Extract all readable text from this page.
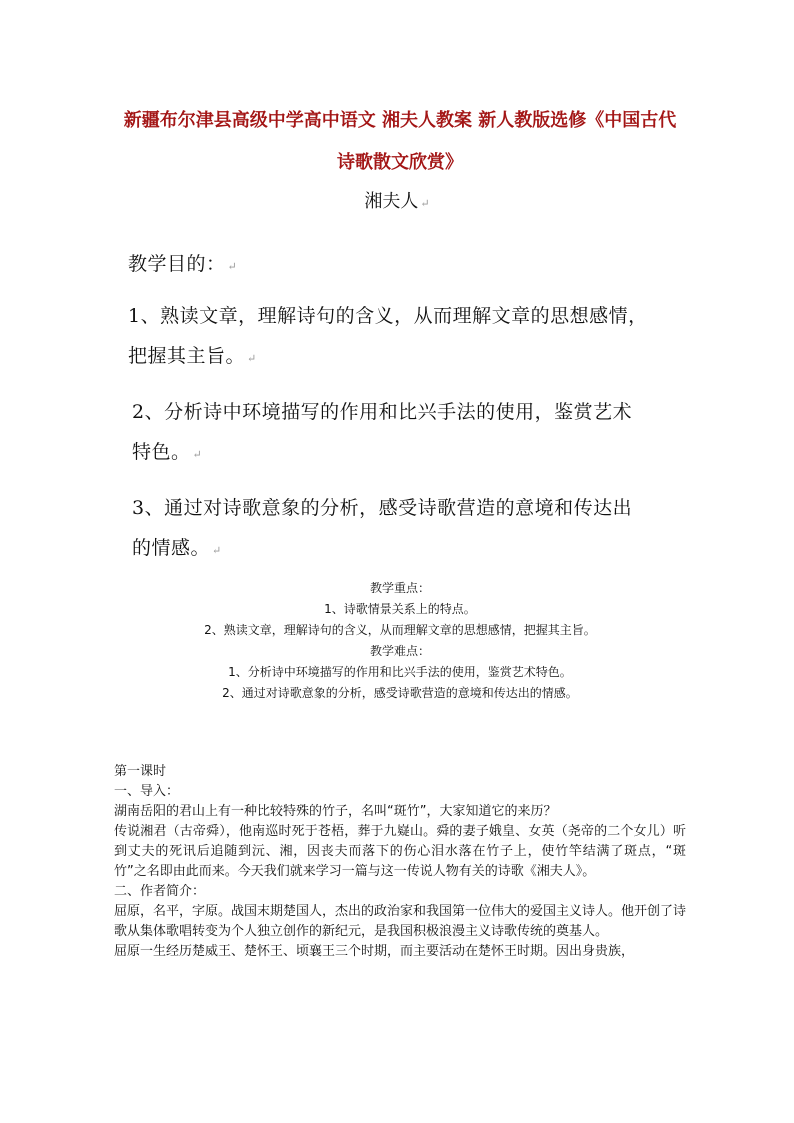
新疆布尔津县高级中学高中语文 湘夫人教案 新人教版选修《中国古代
诗歌散文欣赏》
湘夫人 ↵
教学目的： ↵
1、熟读文章，理解诗句的含义，从而理解文章的思想感情，
把握其主旨。 ↵
2、分析诗中环境描写的作用和比兴手法的使用，鉴赏艺术
特色。 ↵
3、通过对诗歌意象的分析，感受诗歌营造的意境和传达出
的情感。 ↵
教学重点：
1、诗歌情景关系上的特点。
2、熟读文章，理解诗句的含义，从而理解文章的思想感情，把握其主旨。
教学难点：
1、分析诗中环境描写的作用和比兴手法的使用，鉴赏艺术特色。
2、通过对诗歌意象的分析，感受诗歌营造的意境和传达出的情感。

第一课时

一、导入：

湖南岳阳的君山上有一种比较特殊的竹子，名叫“斑竹”，大家知道它的来历？

传说湘君（古帝舜），他南巡时死于苍梧，葬于九嶷山。舜的妻子娥皇、女英（尧帝的二个女儿）听到丈夫的死讯后追随到沅、湘，因丧夫而落下的伤心泪水落在竹子上，使竹竿结满了斑点，“斑竹”之名即由此而来。今天我们就来学习一篇与这一传说人物有关的诗歌《湘夫人》。

二、作者简介：

屈原，名平，字原。战国末期楚国人，杰出的政治家和我国第一位伟大的爱国主义诗人。他开创了诗歌从集体歌唱转变为个人独立创作的新纪元，是我国积极浪漫主义诗歌传统的奠基人。

屈原一生经历楚威王、楚怀王、顷襄王三个时期，而主要活动在楚怀王时期。因出身贵族，
